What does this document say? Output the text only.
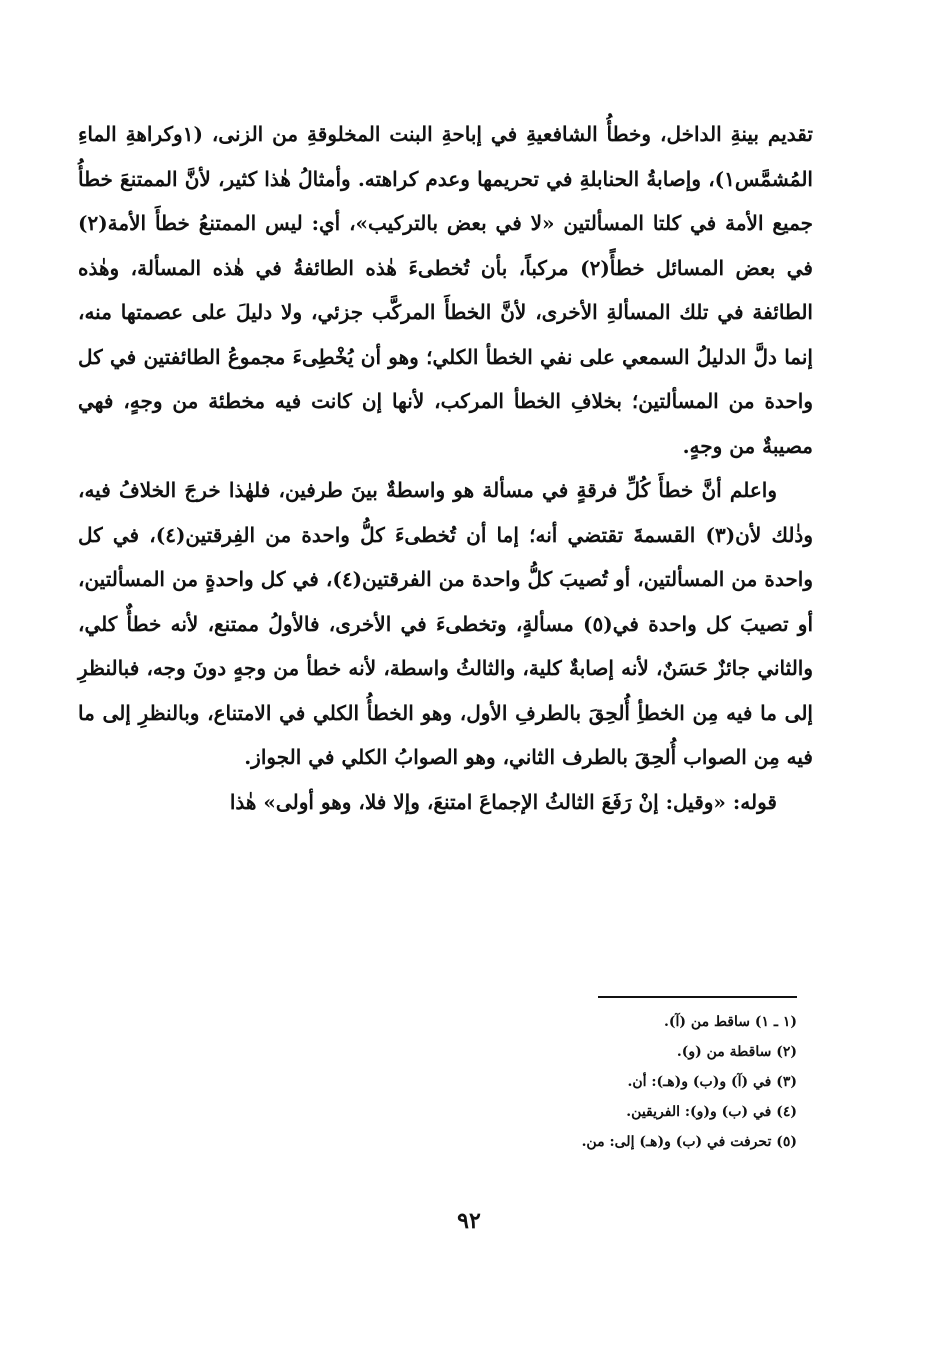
تقديم بينةِ الداخل، وخطأُ الشافعيةِ في إباحةِ البنت المخلوقةِ من الزنى، (١وكراهةِ الماءِ المُشمَّس١)، وإصابةُ الحنابلةِ في تحريمها وعدم كراهته. وأمثالُ هٰذا كثير، لأنَّ الممتنعَ خطأُ جميع الأمة في كلتا المسألتين «لا في بعض بالتركيب»، أي: ليس الممتنعُ خطأَ الأمة(٢) في بعض المسائل خطأً(٢) مركباً، بأن تُخطىءَ هٰذه الطائفةُ في هٰذه المسألة، وهٰذه الطائفة في تلك المسألةِ الأخرى، لأنَّ الخطأَ المركَّب جزئي، ولا دليلَ على عصمتها منه، إنما دلَّ الدليلُ السمعي على نفي الخطأ الكلي؛ وهو أن يُخْطِىءَ مجموعُ الطائفتين في كل واحدة من المسألتين؛ بخلافِ الخطأ المركب، لأنها إن كانت فيه مخطئة من وجهٍ، فهي مصيبةٌ من وجهٍ.

واعلم أنَّ خطأَ كُلِّ فرقةٍ في مسألة هو واسطةٌ بينَ طرفين، فلهٰذا خرجَ الخلافُ فيه، وذٰلك لأن(٣) القسمةَ تقتضي أنه؛ إما أن تُخطىءَ كلُّ واحدة من الفِرقتين(٤)، في كل واحدة من المسألتين، أو تُصيبَ كلُّ واحدة من الفرقتين(٤)، في كل واحدةٍ من المسألتين، أو تصيبَ كل واحدة في(٥) مسألةٍ، وتخطىءَ في الأخرى، فالأولُ ممتنع، لأنه خطأٌ كلي، والثاني جائزٌ حَسَنٌ، لأنه إصابةٌ كلية، والثالثُ واسطة، لأنه خطأ من وجهٍ دونَ وجه، فبالنظرِ إلى ما فيه مِن الخطأِ أُلحِقَ بالطرفِ الأول، وهو الخطأُ الكلي في الامتناع، وبالنظرِ إلى ما فيه مِن الصواب أُلحِقَ بالطرف الثاني، وهو الصوابُ الكلي في الجواز.

قوله: «وقيل: إنْ رَفَعَ الثالثُ الإجماعَ امتنعَ، وإلا فلا، وهو أولى» هٰذا

(١ ـ ١) ساقط من (آ).

(٢) ساقطة من (و).

(٣) في (آ) و(ب) و(هـ): أن.

(٤) في (ب) و(و): الفريقين.

(٥) تحرفت في (ب) و(هـ) إلى: من.

٩٢
